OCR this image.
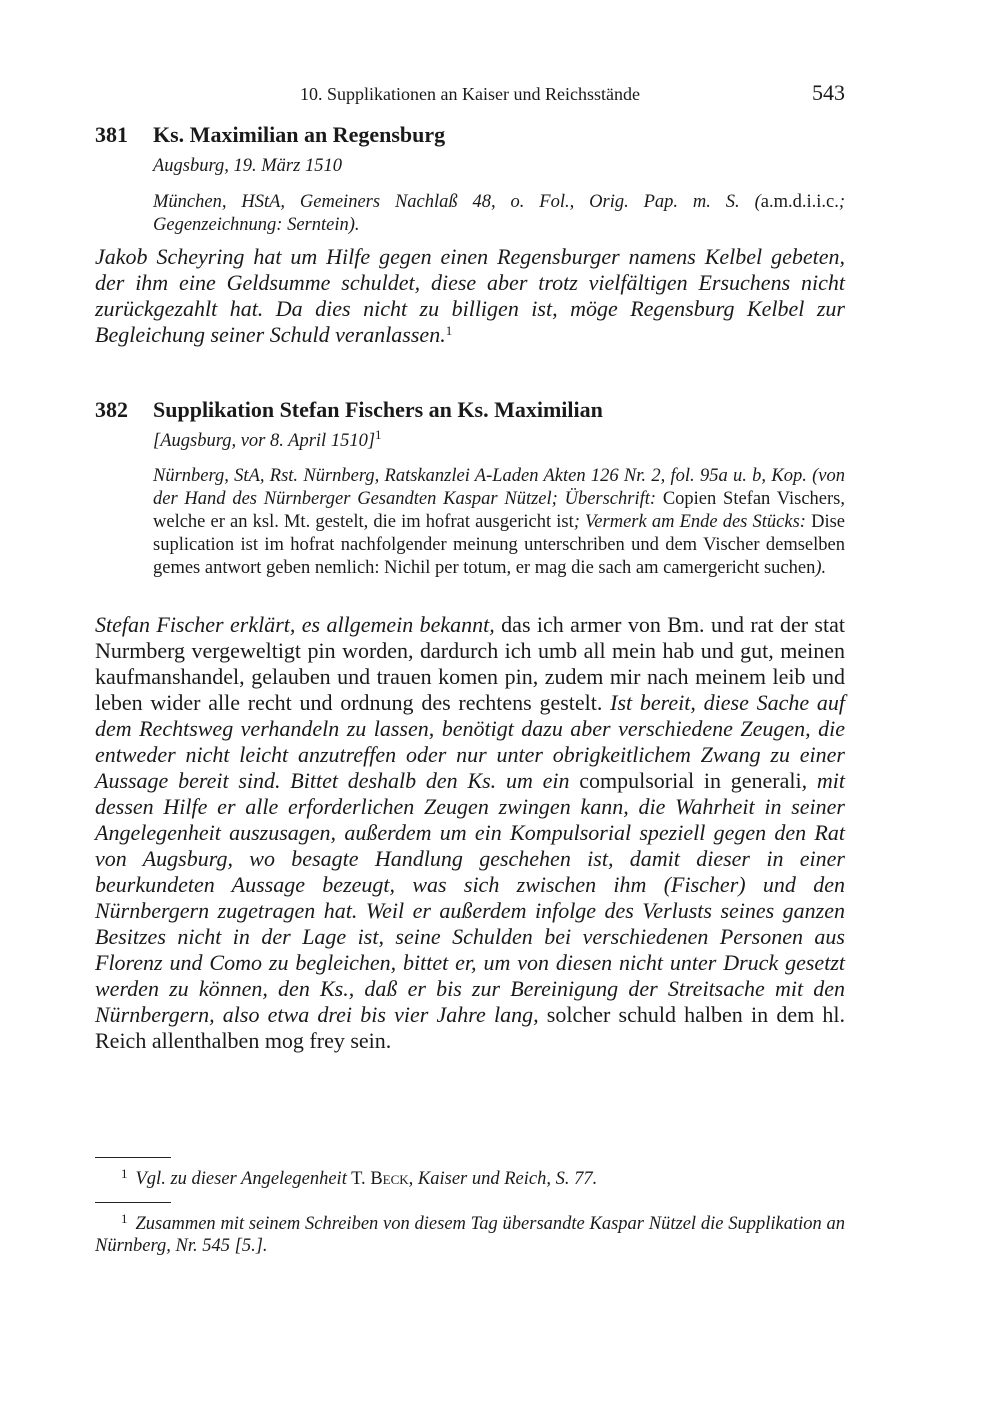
10. Supplikationen an Kaiser und Reichsstände	543
381 Ks. Maximilian an Regensburg
Augsburg, 19. März 1510
München, HStA, Gemeiners Nachlaß 48, o. Fol., Orig. Pap. m. S. (a.m.d.i.i.c.; Gegenzeichnung: Serntein).
Jakob Scheyring hat um Hilfe gegen einen Regensburger namens Kelbel gebeten, der ihm eine Geldsumme schuldet, diese aber trotz vielfältigen Ersuchens nicht zurückgezahlt hat. Da dies nicht zu billigen ist, möge Regensburg Kelbel zur Begleichung seiner Schuld veranlassen.$^1$
382 Supplikation Stefan Fischers an Ks. Maximilian
[Augsburg, vor 8. April 1510]$^1$
Nürnberg, StA, Rst. Nürnberg, Ratskanzlei A-Laden Akten 126 Nr. 2, fol. 95a u. b, Kop. (von der Hand des Nürnberger Gesandten Kaspar Nützel; Überschrift: Copien Stefan Vischers, welche er an ksl. Mt. gestelt, die im hofrat ausgericht ist; Vermerk am Ende des Stücks: Dise suplication ist im hofrat nachfolgender meinung unterschriben und dem Vischer demselben gemes antwort geben nemlich: Nichil per totum, er mag die sach am camergericht suchen).
Stefan Fischer erklärt, es allgemein bekannt, das ich armer von Bm. und rat der stat Nurmberg vergeweltigt pin worden, dardurch ich umb all mein hab und gut, meinen kaufmanshandel, gelauben und trauen komen pin, zudem mir nach meinem leib und leben wider alle recht und ordnung des rechtens gestelt. Ist bereit, diese Sache auf dem Rechtsweg verhandeln zu lassen, benötigt dazu aber verschiedene Zeugen, die entweder nicht leicht anzutreffen oder nur unter obrigkeitlichem Zwang zu einer Aussage bereit sind. Bittet deshalb den Ks. um ein compulsorial in generali, mit dessen Hilfe er alle erforderlichen Zeugen zwingen kann, die Wahrheit in seiner Angelegenheit auszusagen, außerdem um ein Kompulsorial speziell gegen den Rat von Augsburg, wo besagte Handlung geschehen ist, damit dieser in einer beurkundeten Aussage bezeugt, was sich zwischen ihm (Fischer) und den Nürnbergern zugetragen hat. Weil er außerdem infolge des Verlusts seines ganzen Besitzes nicht in der Lage ist, seine Schulden bei verschiedenen Personen aus Florenz und Como zu begleichen, bittet er, um von diesen nicht unter Druck gesetzt werden zu können, den Ks., daß er bis zur Bereinigung der Streitsache mit den Nürnbergern, also etwa drei bis vier Jahre lang, solcher schuld halben in dem hl. Reich allenthalben mog frey sein.
$^1$ Vgl. zu dieser Angelegenheit T. Beck, Kaiser und Reich, S. 77.
$^1$ Zusammen mit seinem Schreiben von diesem Tag übersandte Kaspar Nützel die Supplikation an Nürnberg, Nr. 545 [5.].
